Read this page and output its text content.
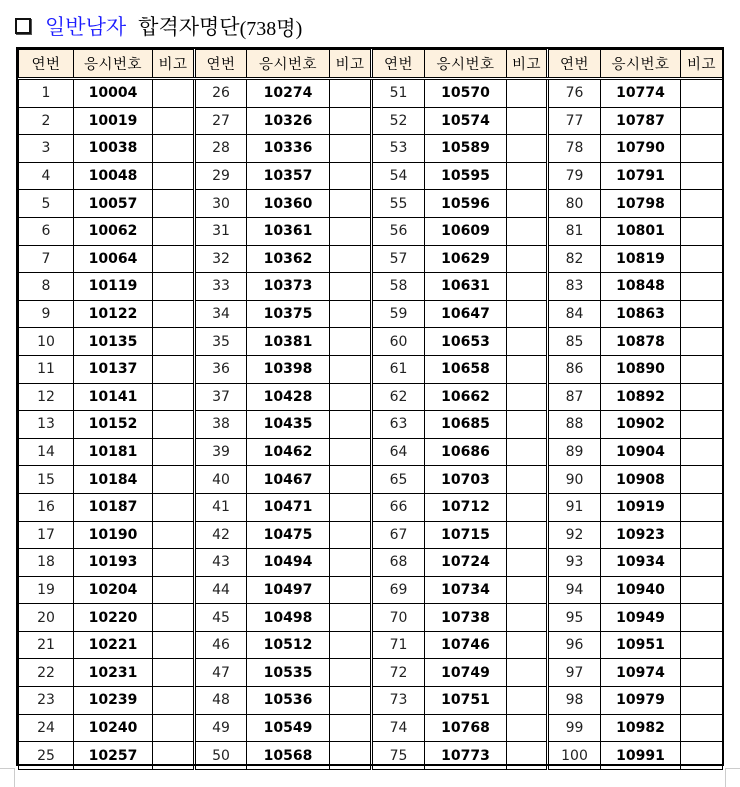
일반남자 합격자명단 (738명)
연번	응시번호	비고	연번	응시번호	비고	연번	응시번호	비고	연번	응시번호	비고
1	10004		26	10274		51	10570		76	10774	
2	10019		27	10326		52	10574		77	10787	
3	10038		28	10336		53	10589		78	10790	
4	10048		29	10357		54	10595		79	10791	
5	10057		30	10360		55	10596		80	10798	
6	10062		31	10361		56	10609		81	10801	
7	10064		32	10362		57	10629		82	10819	
8	10119		33	10373		58	10631		83	10848	
9	10122		34	10375		59	10647		84	10863	
10	10135		35	10381		60	10653		85	10878	
11	10137		36	10398		61	10658		86	10890	
12	10141		37	10428		62	10662		87	10892	
13	10152		38	10435		63	10685		88	10902	
14	10181		39	10462		64	10686		89	10904	
15	10184		40	10467		65	10703		90	10908	
16	10187		41	10471		66	10712		91	10919	
17	10190		42	10475		67	10715		92	10923	
18	10193		43	10494		68	10724		93	10934	
19	10204		44	10497		69	10734		94	10940	
20	10220		45	10498		70	10738		95	10949	
21	10221		46	10512		71	10746		96	10951	
22	10231		47	10535		72	10749		97	10974	
23	10239		48	10536		73	10751		98	10979	
24	10240		49	10549		74	10768		99	10982	
25	10257		50	10568		75	10773		100	10991	
